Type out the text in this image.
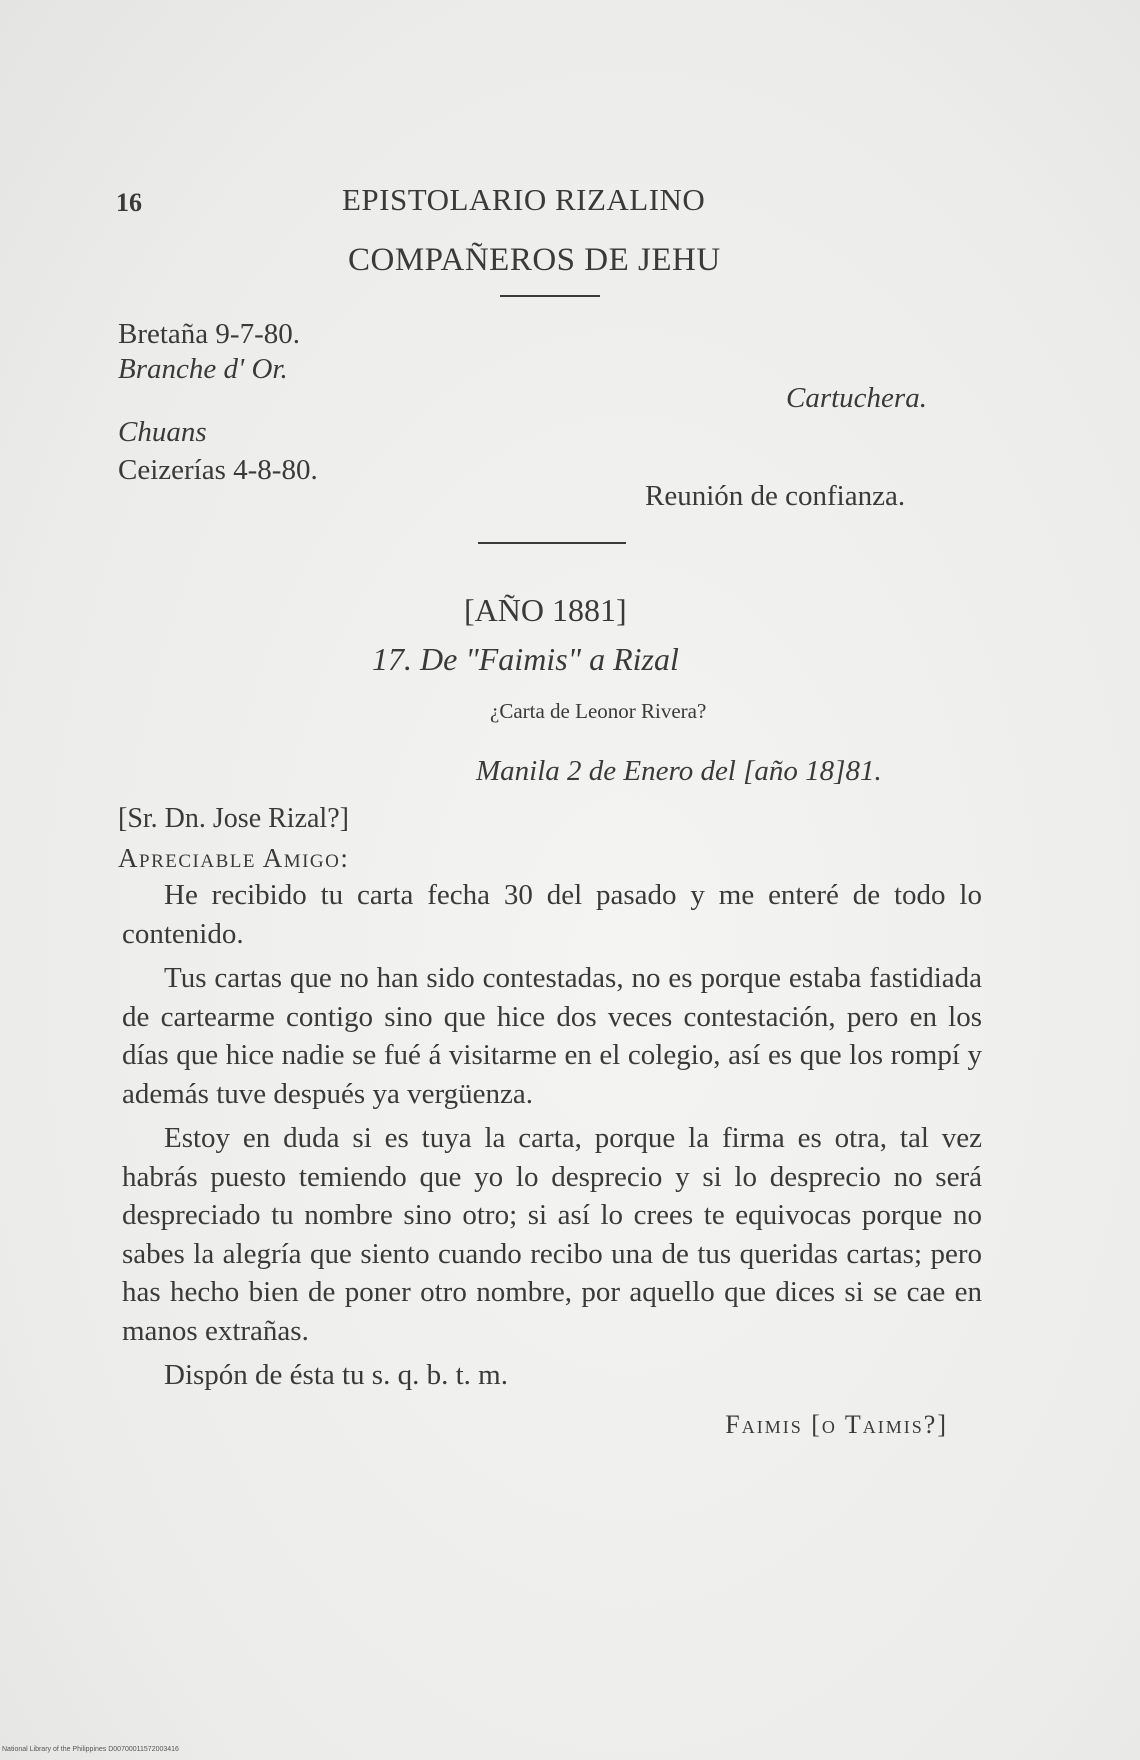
16	EPISTOLARIO RIZALINO
COMPAÑEROS DE JEHU
Bretaña 9-7-80.
Branche d' Or.
Chuans
Ceizerías 4-8-80.
Cartuchera.
Reunión de confianza.
[AÑO 1881]
17. De "Faimis" a Rizal
¿Carta de Leonor Rivera?
Manila 2 de Enero del [año 18]81.
[Sr. Dn. Jose Rizal?]
Apreciable Amigo:

He recibido tu carta fecha 30 del pasado y me enteré de todo lo contenido.

Tus cartas que no han sido contestadas, no es porque estaba fastidiada de cartearme contigo sino que hice dos veces contestación, pero en los días que hice nadie se fué á visitarme en el colegio, así es que los rompí y además tuve después ya vergüenza.

Estoy en duda si es tuya la carta, porque la firma es otra, tal vez habrás puesto temiendo que yo lo desprecio y si lo desprecio no será despreciado tu nombre sino otro; si así lo crees te equivocas porque no sabes la alegría que siento cuando recibo una de tus queridas cartas; pero has hecho bien de poner otro nombre, por aquello que dices si se cae en manos extrañas.

Dispón de ésta tu s. q. b. t. m.

Faimis [o Taimis?]
National Library of the Philippines D00700011572003416
